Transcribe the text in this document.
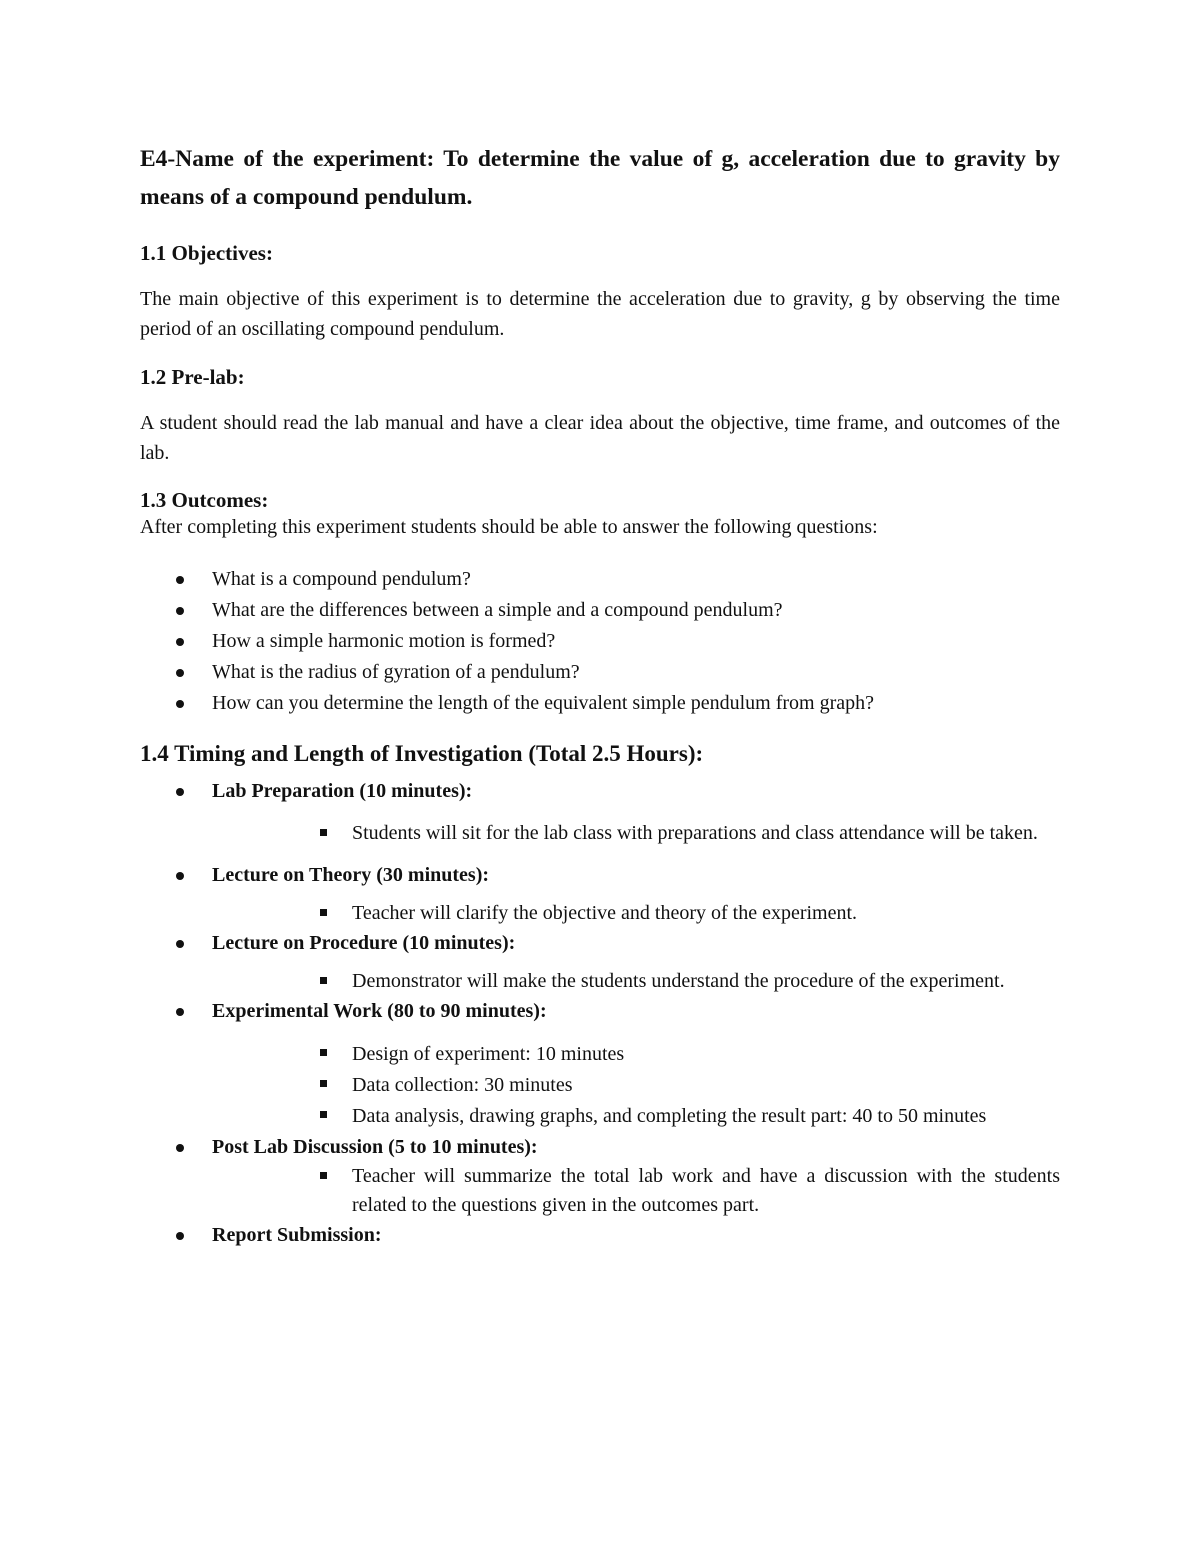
E4-Name of the experiment: To determine the value of g, acceleration due to gravity by means of a compound pendulum.
1.1 Objectives:

The main objective of this experiment is to determine the acceleration due to gravity, g by observing the time period of an oscillating compound pendulum.

1.2 Pre-lab:

A student should read the lab manual and have a clear idea about the objective, time frame, and outcomes of the lab.

1.3 Outcomes:

After completing this experiment students should be able to answer the following questions:

What is a compound pendulum?
What are the differences between a simple and a compound pendulum?
How a simple harmonic motion is formed?
What is the radius of gyration of a pendulum?
How can you determine the length of the equivalent simple pendulum from graph?
1.4 Timing and Length of Investigation (Total 2.5 Hours):
Lab Preparation (10 minutes):
Students will sit for the lab class with preparations and class attendance will be taken.
Lecture on Theory (30 minutes):
Teacher will clarify the objective and theory of the experiment.
Lecture on Procedure (10 minutes):
Demonstrator will make the students understand the procedure of the experiment.
Experimental Work (80 to 90 minutes):
Design of experiment: 10 minutes
Data collection: 30 minutes
Data analysis, drawing graphs, and completing the result part: 40 to 50 minutes
Post Lab Discussion (5 to 10 minutes):
Teacher will summarize the total lab work and have a discussion with the students related to the questions given in the outcomes part.
Report Submission:
